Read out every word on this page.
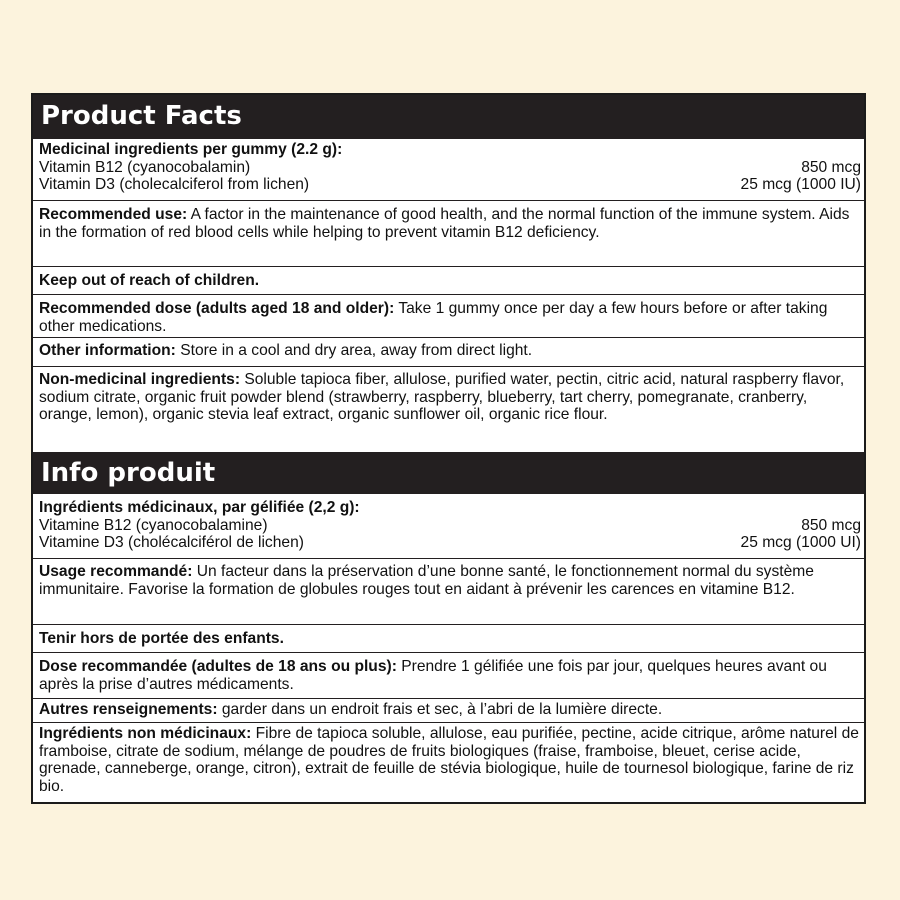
Product Facts
Medicinal ingredients per gummy (2.2 g):
Vitamin B12 (cyanocobalamin)	850 mcg
Vitamin D3 (cholecalciferol from lichen)	25 mcg (1000 IU)
Recommended use: A factor in the maintenance of good health, and the normal function of the immune system. Aids in the formation of red blood cells while helping to prevent vitamin B12 deficiency.
Keep out of reach of children.
Recommended dose (adults aged 18 and older): Take 1 gummy once per day a few hours before or after taking other medications.
Other information: Store in a cool and dry area, away from direct light.
Non-medicinal ingredients: Soluble tapioca fiber, allulose, purified water, pectin, citric acid, natural raspberry flavor, sodium citrate, organic fruit powder blend (strawberry, raspberry, blueberry, tart cherry, pomegranate, cranberry, orange, lemon), organic stevia leaf extract, organic sunflower oil, organic rice flour.
Info produit
Ingrédients médicinaux, par gélifiée (2,2 g):
Vitamine B12 (cyanocobalamine)	850 mcg
Vitamine D3 (cholécalciférol de lichen)	25 mcg (1000 UI)
Usage recommandé: Un facteur dans la préservation d’une bonne santé, le fonctionnement normal du système immunitaire. Favorise la formation de globules rouges tout en aidant à prévenir les carences en vitamine B12.
Tenir hors de portée des enfants.
Dose recommandée (adultes de 18 ans ou plus): Prendre 1 gélifiée une fois par jour, quelques heures avant ou après la prise d’autres médicaments.
Autres renseignements: garder dans un endroit frais et sec, à l’abri de la lumière directe.
Ingrédients non médicinaux: Fibre de tapioca soluble, allulose, eau purifiée, pectine, acide citrique, arôme naturel de framboise, citrate de sodium, mélange de poudres de fruits biologiques (fraise, framboise, bleuet, cerise acide, grenade, canneberge, orange, citron), extrait de feuille de stévia biologique, huile de tournesol biologique, farine de riz bio.
